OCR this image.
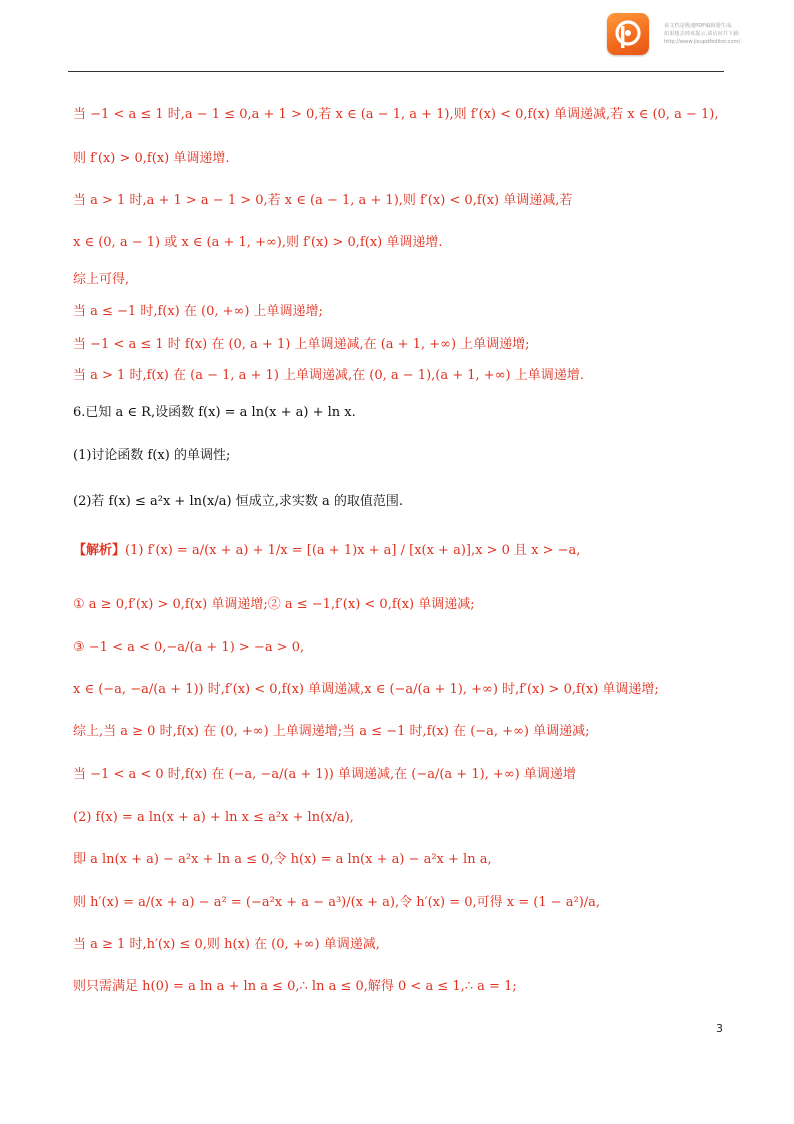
该文档是极速PDF编辑器生成,
如果想去掉该提示,请访问并下载:
http://www.jisupdfeditor.com/
当 −1 < a ≤ 1 时,a − 1 ≤ 0,a + 1 > 0,若 x ∈ (a − 1, a + 1),则 f′(x) < 0,f(x) 单调递减,若 x ∈ (0, a − 1),
则 f′(x) > 0,f(x) 单调递增.
当 a > 1 时,a + 1 > a − 1 > 0,若 x ∈ (a − 1, a + 1),则 f′(x) < 0,f(x) 单调递减,若
x ∈ (0, a − 1) 或 x ∈ (a + 1, +∞),则 f′(x) > 0,f(x) 单调递增.
综上可得,
当 a ≤ −1 时,f(x) 在 (0, +∞) 上单调递增;
当 −1 < a ≤ 1 时 f(x) 在 (0, a + 1) 上单调递减,在 (a + 1, +∞) 上单调递增;
当 a > 1 时,f(x) 在 (a − 1, a + 1) 上单调递减,在 (0, a − 1),(a + 1, +∞) 上单调递增.
6.已知 a ∈ R,设函数 f(x) = a ln(x + a) + ln x.
(1)讨论函数 f(x) 的单调性;
(2)若 f(x) ≤ a²x + ln(x/a) 恒成立,求实数 a 的取值范围.
【解析】(1) f′(x) = a/(x + a) + 1/x = [(a + 1)x + a] / [x(x + a)],x > 0 且 x > −a,
① a ≥ 0,f′(x) > 0,f(x) 单调递增;② a ≤ −1,f′(x) < 0,f(x) 单调递减;
③ −1 < a < 0,−a/(a + 1) > −a > 0,
x ∈ (−a, −a/(a + 1)) 时,f′(x) < 0,f(x) 单调递减,x ∈ (−a/(a + 1), +∞) 时,f′(x) > 0,f(x) 单调递增;
综上,当 a ≥ 0 时,f(x) 在 (0, +∞) 上单调递增;当 a ≤ −1 时,f(x) 在 (−a, +∞) 单调递减;
当 −1 < a < 0 时,f(x) 在 (−a, −a/(a + 1)) 单调递减,在 (−a/(a + 1), +∞) 单调递增
(2) f(x) = a ln(x + a) + ln x ≤ a²x + ln(x/a),
即 a ln(x + a) − a²x + ln a ≤ 0,令 h(x) = a ln(x + a) − a²x + ln a,
则 h′(x) = a/(x + a) − a² = (−a²x + a − a³)/(x + a),令 h′(x) = 0,可得 x = (1 − a²)/a,
当 a ≥ 1 时,h′(x) ≤ 0,则 h(x) 在 (0, +∞) 单调递减,
则只需满足 h(0) = a ln a + ln a ≤ 0,∴ ln a ≤ 0,解得 0 < a ≤ 1,∴ a = 1;
3
